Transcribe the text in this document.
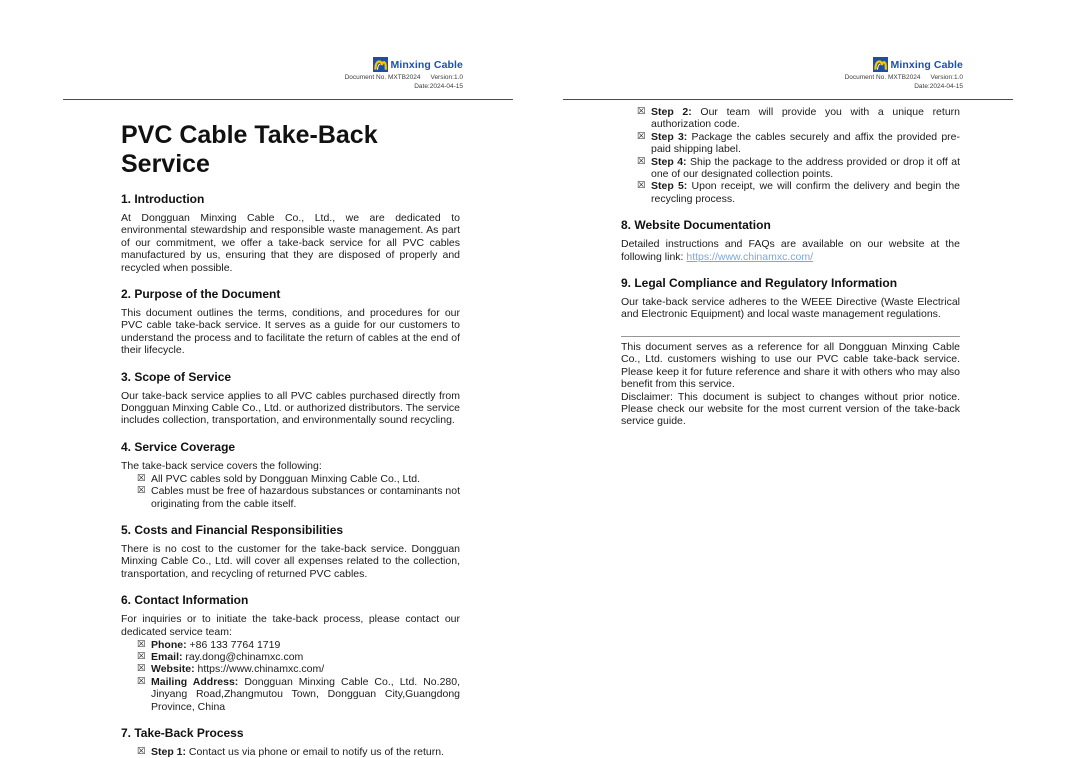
Minxing Cable
Document No. MXTB2024 Version:1.0
Date:2024-04-15
PVC Cable Take-Back Service
1. Introduction

At Dongguan Minxing Cable Co., Ltd., we are dedicated to environmental stewardship and responsible waste management. As part of our commitment, we offer a take-back service for all PVC cables manufactured by us, ensuring that they are disposed of properly and recycled when possible.

2. Purpose of the Document

This document outlines the terms, conditions, and procedures for our PVC cable take-back service. It serves as a guide for our customers to understand the process and to facilitate the return of cables at the end of their lifecycle.

3. Scope of Service

Our take-back service applies to all PVC cables purchased directly from Dongguan Minxing Cable Co., Ltd. or authorized distributors. The service includes collection, transportation, and environmentally sound recycling.

4. Service Coverage

The take-back service covers the following:

☒ All PVC cables sold by Dongguan Minxing Cable Co., Ltd.
☒ Cables must be free of hazardous substances or contaminants not originating from the cable itself.
5. Costs and Financial Responsibilities

There is no cost to the customer for the take-back service. Dongguan Minxing Cable Co., Ltd. will cover all expenses related to the collection, transportation, and recycling of returned PVC cables.

6. Contact Information

For inquiries or to initiate the take-back process, please contact our dedicated service team:

☒ Phone: +86 133 7764 1719
☒ Email: ray.dong@chinamxc.com
☒ Website: https://www.chinamxc.com/
☒ Mailing Address: Dongguan Minxing Cable Co., Ltd. No.280, Jinyang Road,Zhangmutou Town, Dongguan City,Guangdong Province, China
7. Take-Back Process
☒ Step 1: Contact us via phone or email to notify us of the return.
Minxing Cable
Document No. MXTB2024 Version:1.0
Date:2024-04-15
☒ Step 2: Our team will provide you with a unique return authorization code.
☒ Step 3: Package the cables securely and affix the provided pre-paid shipping label.
☒ Step 4: Ship the package to the address provided or drop it off at one of our designated collection points.
☒ Step 5: Upon receipt, we will confirm the delivery and begin the recycling process.
8. Website Documentation

Detailed instructions and FAQs are available on our website at the following link: https://www.chinamxc.com/

9. Legal Compliance and Regulatory Information

Our take-back service adheres to the WEEE Directive (Waste Electrical and Electronic Equipment) and local waste management regulations.

This document serves as a reference for all Dongguan Minxing Cable Co., Ltd. customers wishing to use our PVC cable take-back service. Please keep it for future reference and share it with others who may also benefit from this service.

Disclaimer: This document is subject to changes without prior notice. Please check our website for the most current version of the take-back service guide.
